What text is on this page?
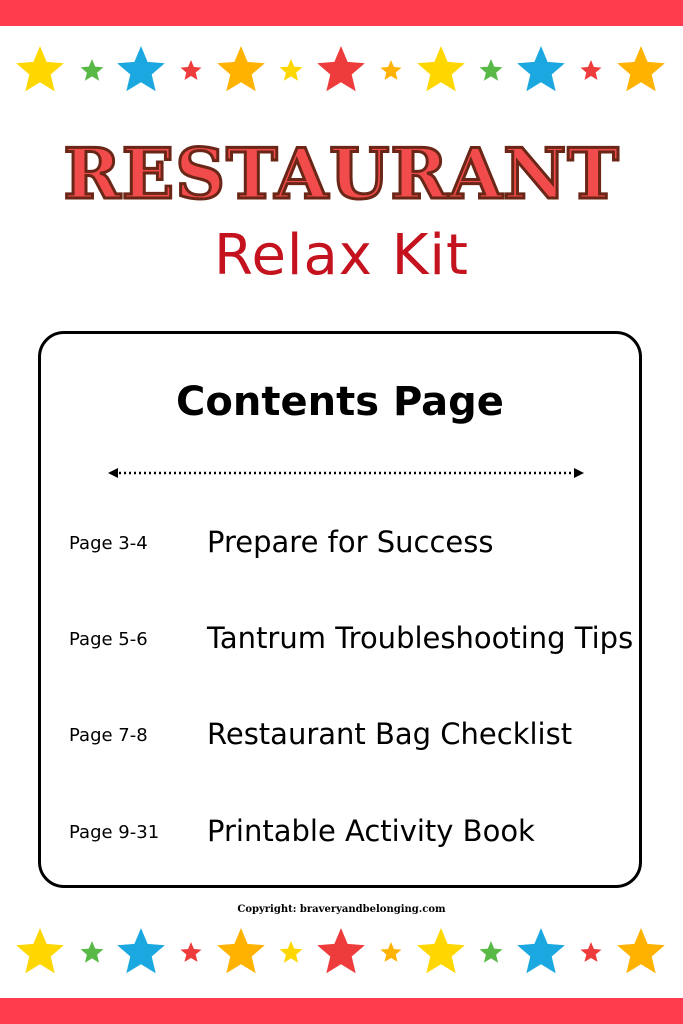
RESTAURANT
Relax Kit
Contents Page
Page 3-4 Prepare for Success
Page 5-6 Tantrum Troubleshooting Tips
Page 7-8 Restaurant Bag Checklist
Page 9-31 Printable Activity Book
Copyright: braveryandbelonging.com
